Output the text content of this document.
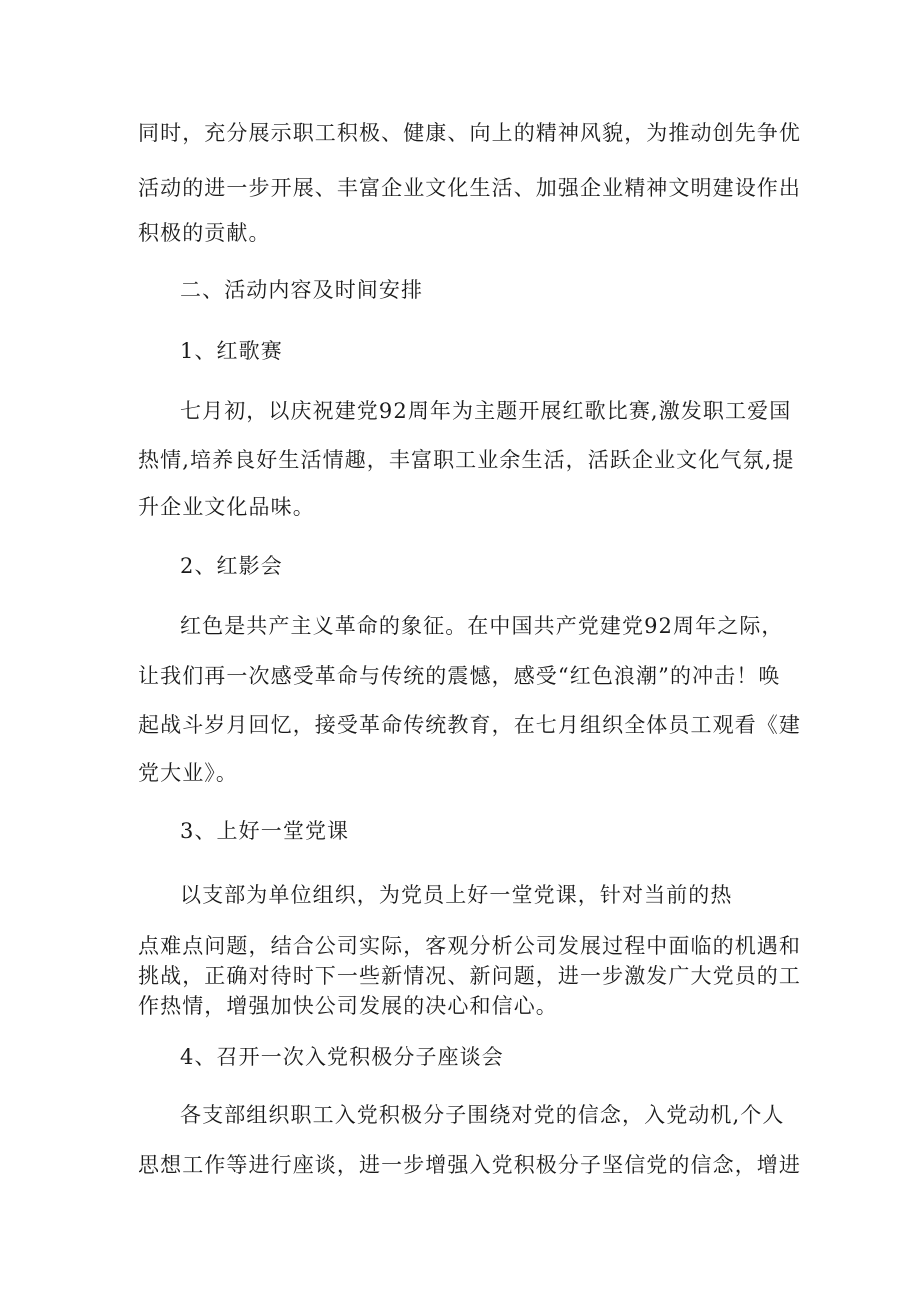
同时，充分展示职工积极、健康、向上的精神风貌，为推动创先争优
活动的进一步开展、丰富企业文化生活、加强企业精神文明建设作出
积极的贡献。
二、活动内容及时间安排
1、红歌赛
七月初，以庆祝建党92周年为主题开展红歌比赛,激发职工爱国
热情,培养良好生活情趣，丰富职工业余生活，活跃企业文化气氛,提
升企业文化品味。
2、红影会
红色是共产主义革命的象征。在中国共产党建党92周年之际，
让我们再一次感受革命与传统的震憾，感受“红色浪潮”的冲击！唤
起战斗岁月回忆，接受革命传统教育，在七月组织全体员工观看《建
党大业》。
3、上好一堂党课
以支部为单位组织，为党员上好一堂党课，针对当前的热
点难点问题，结合公司实际，客观分析公司发展过程中面临的机遇和
挑战，正确对待时下一些新情况、新问题，进一步激发广大党员的工
作热情，增强加快公司发展的决心和信心。
4、召开一次入党积极分子座谈会
各支部组织职工入党积极分子围绕对党的信念，入党动机,个人
思想工作等进行座谈，进一步增强入党积极分子坚信党的信念，增进
